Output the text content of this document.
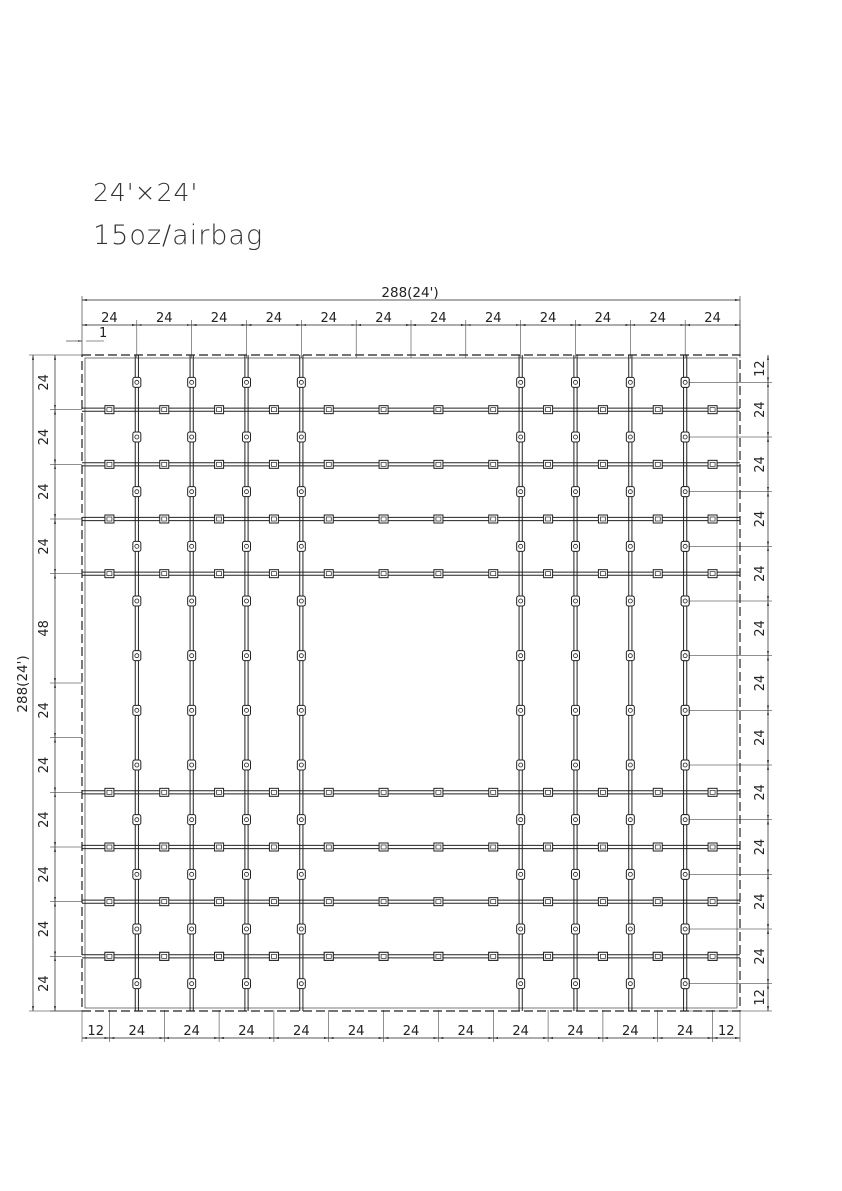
24'×24'

15oz/airbag

288(24')
288(24')
1
24	24	24	24	24	24	24	24	24	24	24	24
12 24	24	24	24	24	24	24	24	24	24	24 12
24
24
24
24
48
24
24
24
24
24
24
12
24
24
24
24
24
24
24
24
24
24
24
12
